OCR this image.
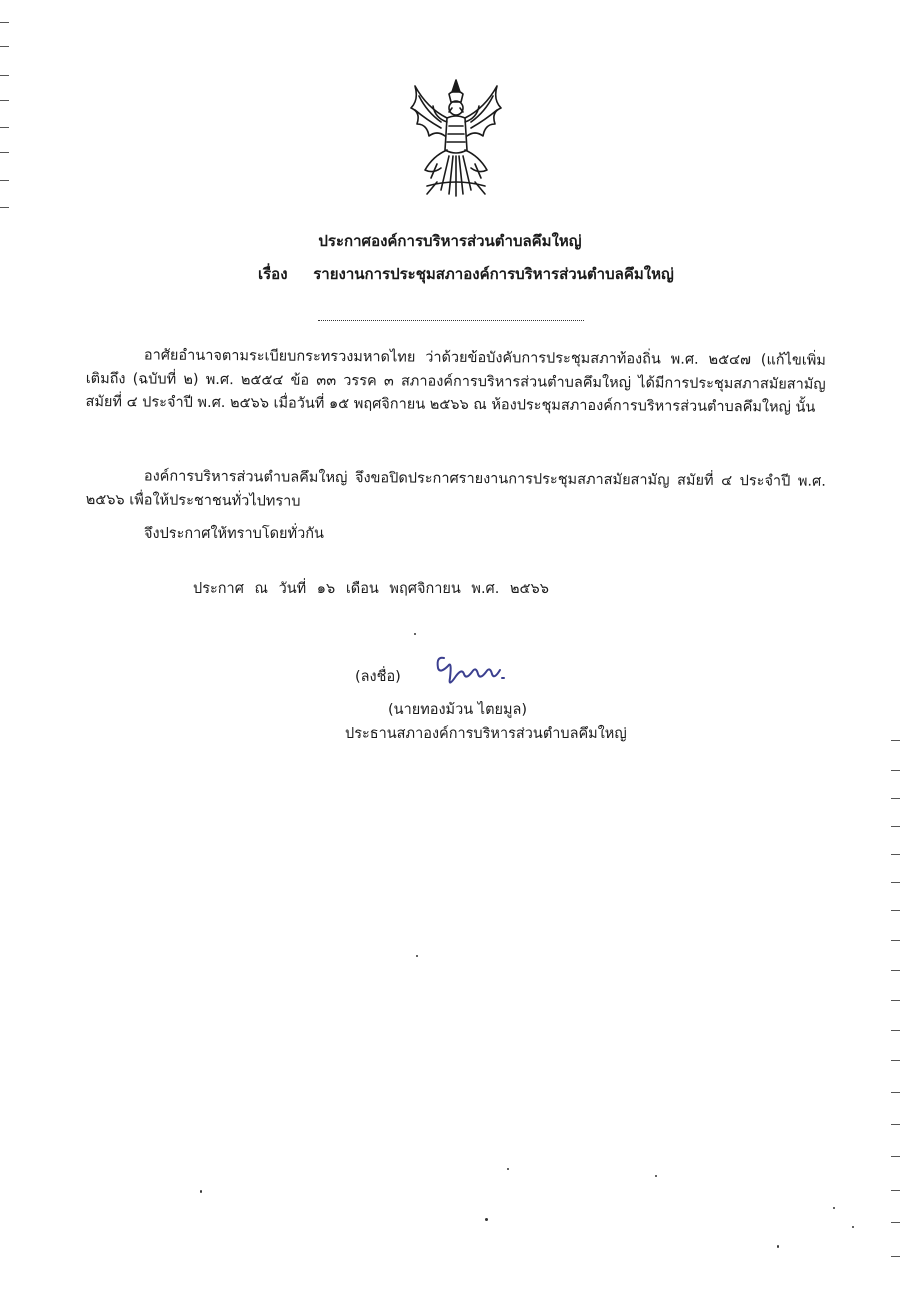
ประกาศองค์การบริหารส่วนตำบลคึมใหญ่
เรื่อง รายงานการประชุมสภาองค์การบริหารส่วนตำบลคึมใหญ่

อาศัยอำนาจตามระเบียบกระทรวงมหาดไทย ว่าด้วยข้อบังคับการประชุมสภาท้องถิ่น พ.ศ. ๒๕๔๗ (แก้ไขเพิ่มเติมถึง (ฉบับที่ ๒) พ.ศ. ๒๕๕๔ ข้อ ๓๓ วรรค ๓ สภาองค์การบริหารส่วนตำบลคึมใหญ่ ได้มีการประชุมสภาสมัยสามัญ สมัยที่ ๔ ประจำปี พ.ศ. ๒๕๖๖ เมื่อวันที่ ๑๕ พฤศจิกายน ๒๕๖๖ ณ ห้องประชุมสภาองค์การบริหารส่วนตำบลคึมใหญ่ นั้น

องค์การบริหารส่วนตำบลคึมใหญ่ จึงขอปิดประกาศรายงานการประชุมสภาสมัยสามัญ สมัยที่ ๔ ประจำปี พ.ศ. ๒๕๖๖ เพื่อให้ประชาชนทั่วไปทราบ

จึงประกาศให้ทราบโดยทั่วกัน

ประกาศ ณ วันที่ ๑๖ เดือน พฤศจิกายน พ.ศ. ๒๕๖๖

(ลงชื่อ)
(นายทองม้วน ไตยมูล)
ประธานสภาองค์การบริหารส่วนตำบลคึมใหญ่
